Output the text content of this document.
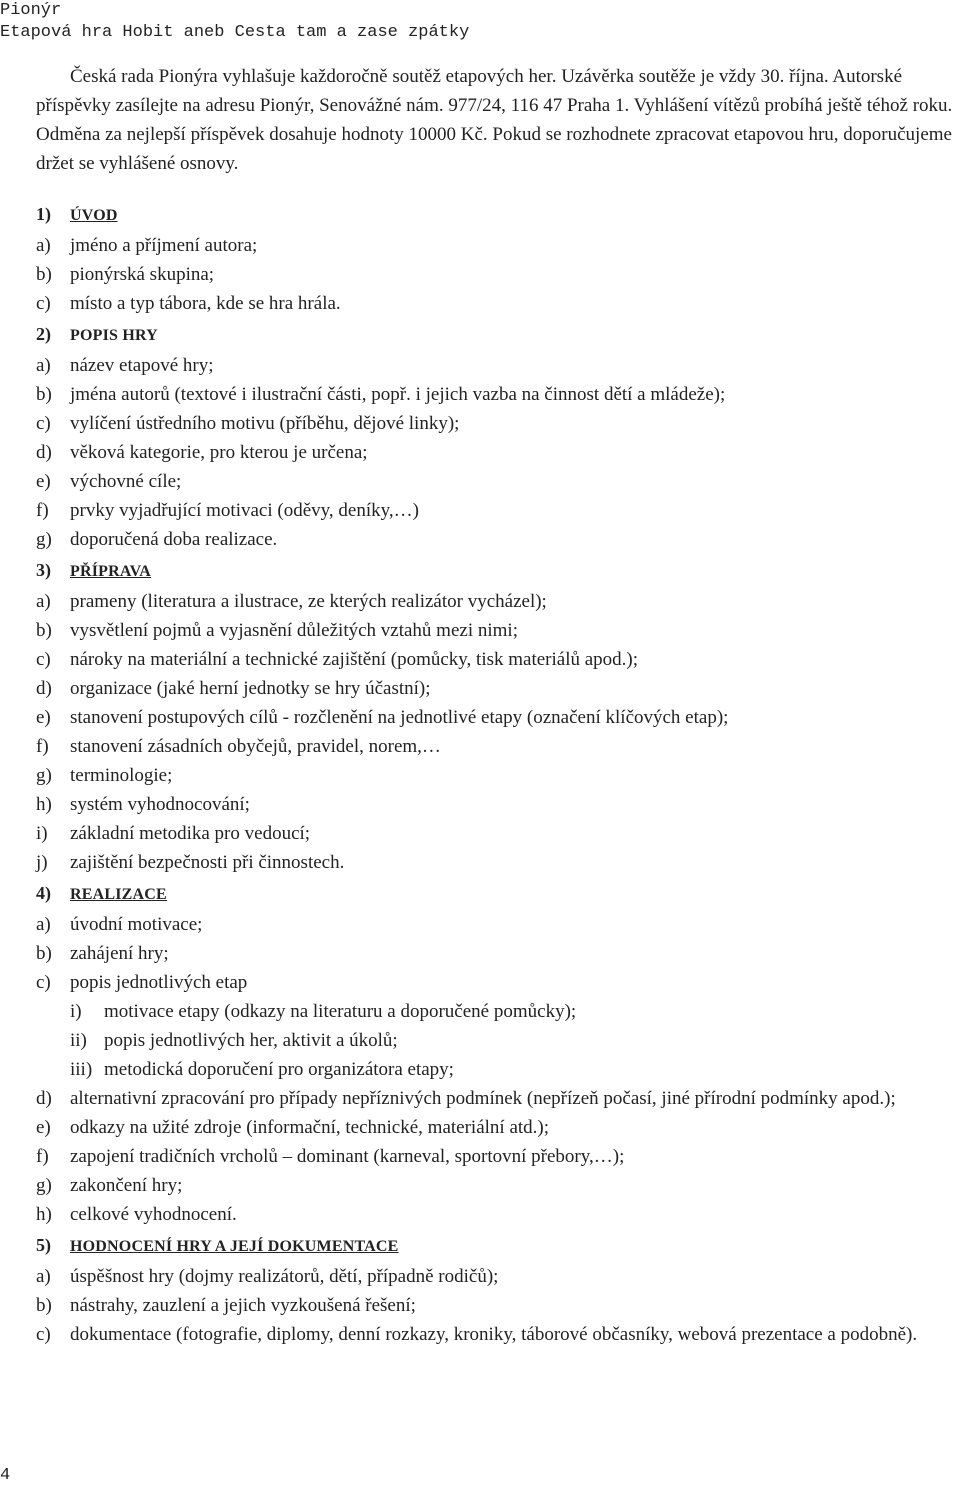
Pionýr
Etapová hra Hobit aneb Cesta tam a zase zpátky
Česká rada Pionýra vyhlašuje každoročně soutěž etapových her. Uzávěrka soutěže je vždy 30. října. Autorské příspěvky zasílejte na adresu Pionýr, Senovážné nám. 977/24, 116 47 Praha 1. Vyhlášení vítězů probíhá ještě téhož roku. Odměna za nejlepší příspěvek dosahuje hodnoty 10000 Kč. Pokud se rozhodnete zpracovat etapovou hru, doporučujeme držet se vyhlášené osnovy.
1)	ÚVOD
a)	jméno a příjmení autora;
b) pionýrská skupina;
c)	místo a typ tábora, kde se hra hrála.
2)	POPIS HRY
a)	název etapové hry;
b) jména autorů (textové i ilustrační části, popř. i jejich vazba na činnost dětí a mládeže);
c)	vylíčení ústředního motivu (příběhu, dějové linky);
d) věková kategorie, pro kterou je určena;
e)	výchovné cíle;
f)	prvky vyjadřující motivaci (oděvy, deníky,…)
g) doporučená doba realizace.
3)	PŘÍPRAVA
a)	prameny (literatura a ilustrace, ze kterých realizátor vycházel);
b) vysvětlení pojmů a vyjasnění důležitých vztahů mezi nimi;
c)	nároky na materiální a technické zajištění (pomůcky, tisk materiálů apod.);
d) organizace (jaké herní jednotky se hry účastní);
e)	stanovení postupových cílů - rozčlenění na jednotlivé etapy (označení klíčových etap);
f)	stanovení zásadních obyčejů, pravidel, norem,…
g) terminologie;
h) systém vyhodnocování;
i)	základní metodika pro vedoucí;
j)	zajištění bezpečnosti při činnostech.
4)	REALIZACE
a)	úvodní motivace;
b) zahájení hry;
c)	popis jednotlivých etap
i)	motivace etapy (odkazy na literaturu a doporučené pomůcky);
ii) popis jednotlivých her, aktivit a úkolů;
iii) metodická doporučení pro organizátora etapy;
d) alternativní zpracování pro případy nepříznivých podmínek (nepřízeň počasí, jiné přírodní podmínky apod.);
e)	odkazy na užité zdroje (informační, technické, materiální atd.);
f)	zapojení tradičních vrcholů – dominant (karneval, sportovní přebory,…);
g) zakončení hry;
h) celkové vyhodnocení.
5)	HODNOCENÍ HRY A JEJÍ DOKUMENTACE
a)	úspěšnost hry (dojmy realizátorů, dětí, případně rodičů);
b) nástrahy, zauzlení a jejich vyzkoušená řešení;
c)	dokumentace (fotografie, diplomy, denní rozkazy, kroniky, táborové občasníky, webová prezentace a podobně).
4
